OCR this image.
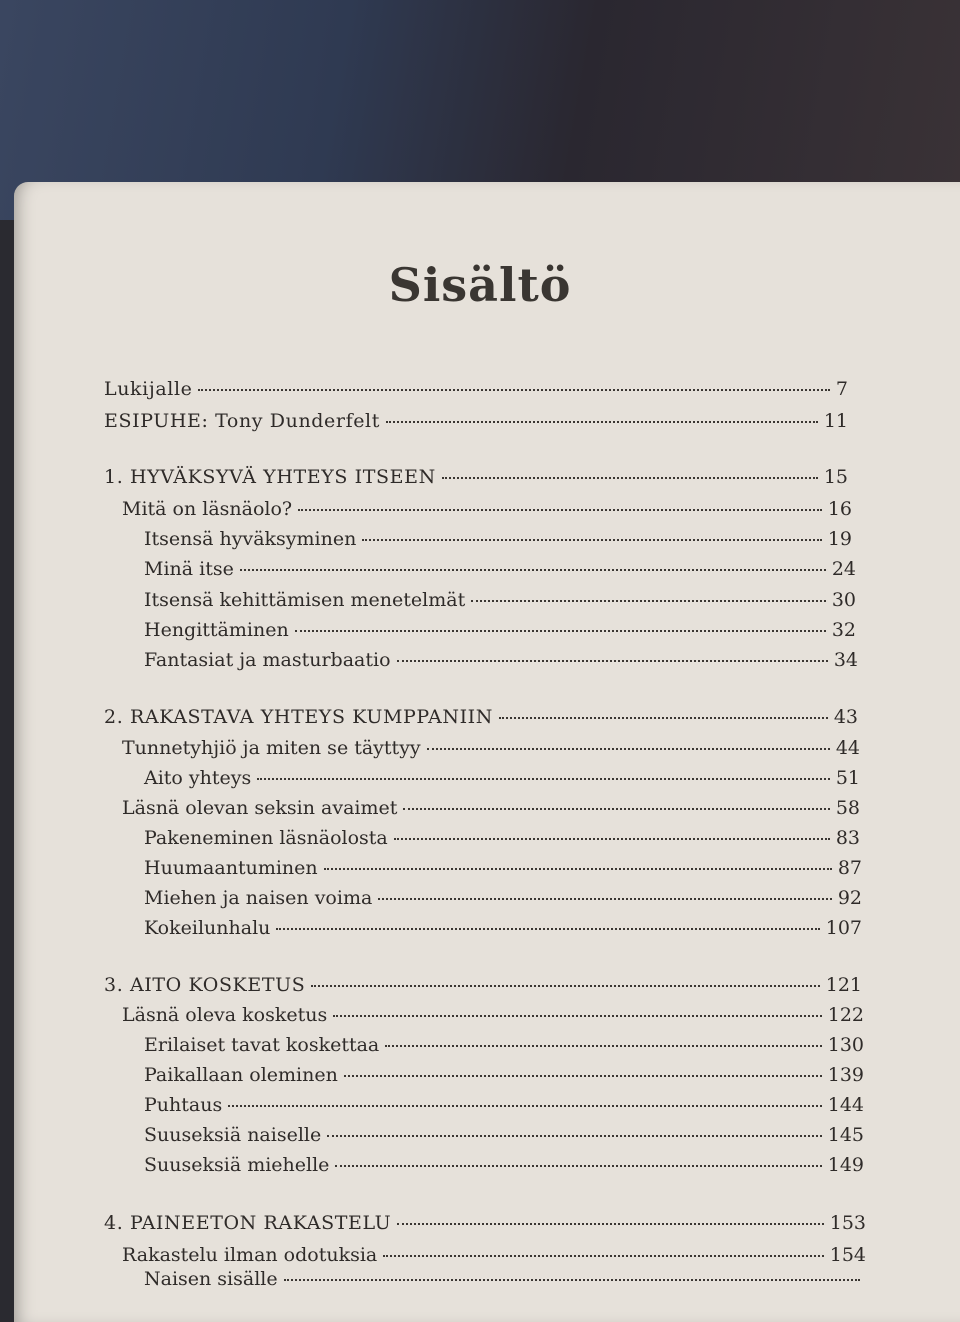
Sisältö
Lukijalle	7
ESIPUHE: Tony Dunderfelt	11
1. HYVÄKSYVÄ YHTEYS ITSEEN	15
Mitä on läsnäolo?	16
Itsensä hyväksyminen	19
Minä itse	24
Itsensä kehittämisen menetelmät	30
Hengittäminen	32
Fantasiat ja masturbaatio	34
2. RAKASTAVA YHTEYS KUMPPANIIN	43
Tunnetyhjiö ja miten se täyttyy	44
Aito yhteys	51
Läsnä olevan seksin avaimet	58
Pakeneminen läsnäolosta	83
Huumaantuminen	87
Miehen ja naisen voima	92
Kokeilunhalu	107
3. AITO KOSKETUS	121
Läsnä oleva kosketus	122
Erilaiset tavat koskettaa	130
Paikallaan oleminen	139
Puhtaus	144
Suuseksiä naiselle	145
Suuseksiä miehelle	149
4. PAINEETON RAKASTELU	153
Rakastelu ilman odotuksia	154
Naisen sisälle
